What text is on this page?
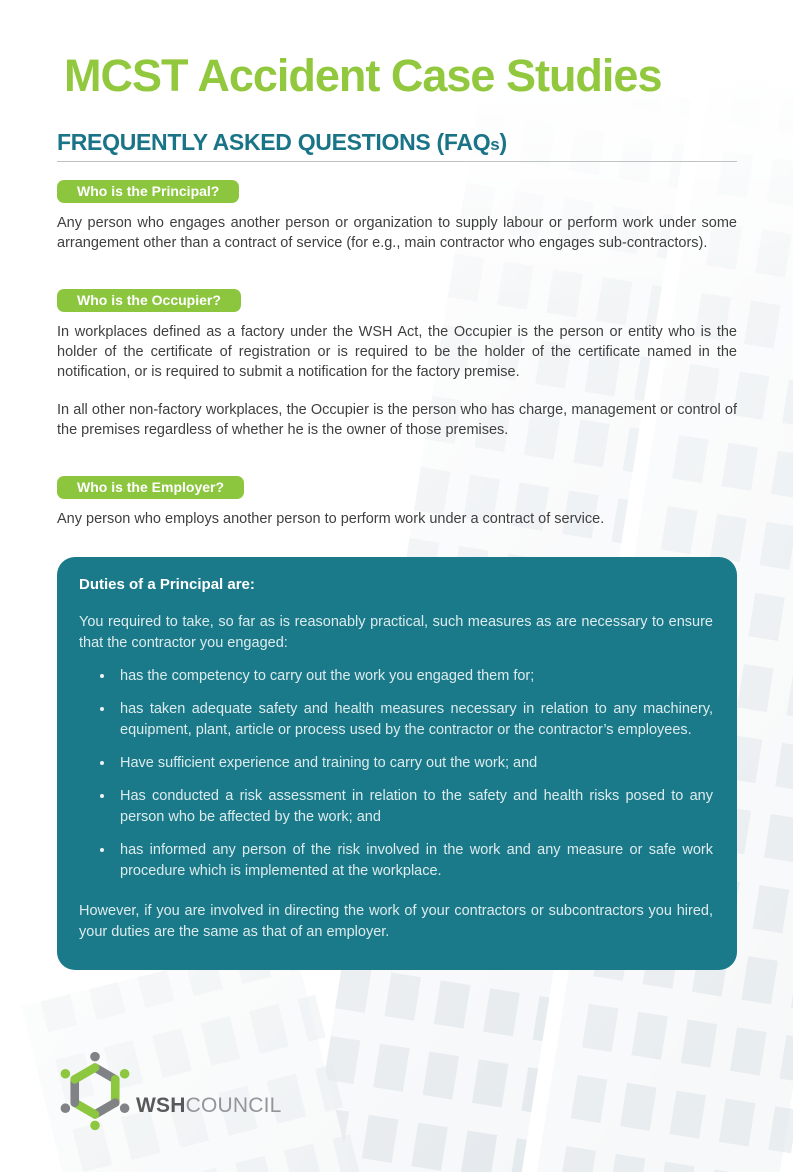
MCST Accident Case Studies
FREQUENTLY ASKED QUESTIONS (FAQs)
Who is the Principal?

Any person who engages another person or organization to supply labour or perform work under some arrangement other than a contract of service (for e.g., main contractor who engages sub-contractors).

Who is the Occupier?

In workplaces defined as a factory under the WSH Act, the Occupier is the person or entity who is the holder of the certificate of registration or is required to be the holder of the certificate named in the notification, or is required to submit a notification for the factory premise.

In all other non-factory workplaces, the Occupier is the person who has charge, management or control of the premises regardless of whether he is the owner of those premises.

Who is the Employer?

Any person who employs another person to perform work under a contract of service.

Duties of a Principal are:

You required to take, so far as is reasonably practical, such measures as are necessary to ensure that the contractor you engaged:

• has the competency to carry out the work you engaged them for;
• has taken adequate safety and health measures necessary in relation to any machinery, equipment, plant, article or process used by the contractor or the contractor’s employees.
• Have sufficient experience and training to carry out the work; and
• Has conducted a risk assessment in relation to the safety and health risks posed to any person who be affected by the work; and
• has informed any person of the risk involved in the work and any measure or safe work procedure which is implemented at the workplace.

However, if you are involved in directing the work of your contractors or subcontractors you hired, your duties are the same as that of an employer.

WSHCOUNCIL
